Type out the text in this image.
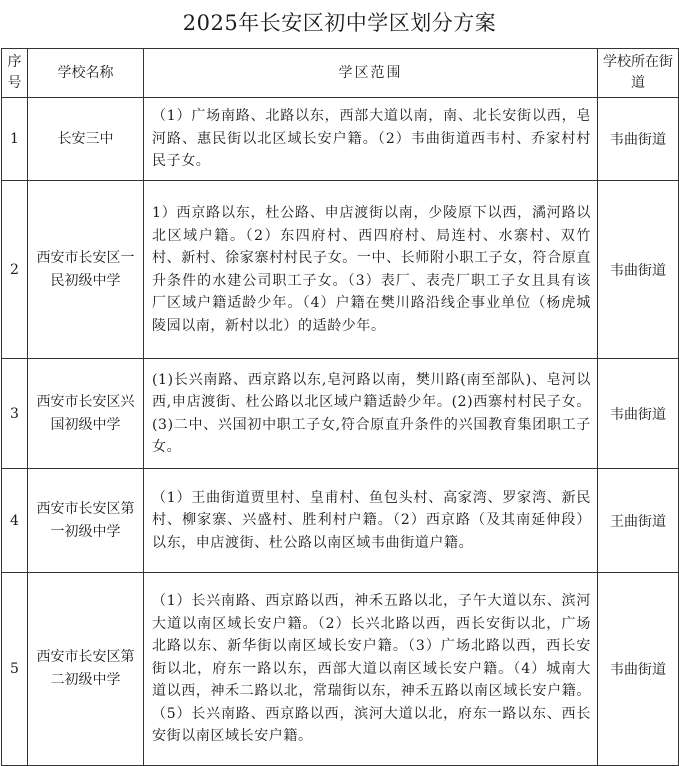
2025年长安区初中学区划分方案
序号	学校名称	学区范围	学校所在街道
1	长安三中	（1）广场南路、北路以东，西部大道以南，南、北长安街以西，皂河路、惠民街以北区域长安户籍。（2）韦曲街道西韦村、乔家村村民子女。	韦曲街道
2	西安市长安区一民初级中学	1）西京路以东，杜公路、申店渡街以南，少陵原下以西，潏河路以北区域户籍。（2）东四府村、西四府村、局连村、水寨村、双竹村、新村、徐家寨村村民子女。一中、长师附小职工子女，符合原直升条件的水建公司职工子女。（3）表厂、表壳厂职工子女且具有该厂区域户籍适龄少年。（4）户籍在樊川路沿线企事业单位（杨虎城陵园以南，新村以北）的适龄少年。	韦曲街道
3	西安市长安区兴国初级中学	(1)长兴南路、西京路以东,皂河路以南，樊川路(南至部队)、皂河以西,申店渡街、杜公路以北区域户籍适龄少年。(2)西寨村村民子女。(3)二中、兴国初中职工子女,符合原直升条件的兴国教育集团职工子女。	韦曲街道
4	西安市长安区第一初级中学	（1）王曲街道贾里村、皇甫村、鱼包头村、高家湾、罗家湾、新民村、柳家寨、兴盛村、胜利村户籍。（2）西京路（及其南延伸段）以东，申店渡街、杜公路以南区域韦曲街道户籍。	王曲街道
5	西安市长安区第二初级中学	（1）长兴南路、西京路以西，神禾五路以北，子午大道以东、滨河大道以南区域长安户籍。（2）长兴北路以西，西长安街以北，广场北路以东、新华街以南区域长安户籍。（3）广场北路以西，西长安街以北，府东一路以东，西部大道以南区域长安户籍。（4）城南大道以西，神禾二路以北，常瑞街以东，神禾五路以南区域长安户籍。（5）长兴南路、西京路以西，滨河大道以北，府东一路以东、西长安街以南区域长安户籍。	韦曲街道
